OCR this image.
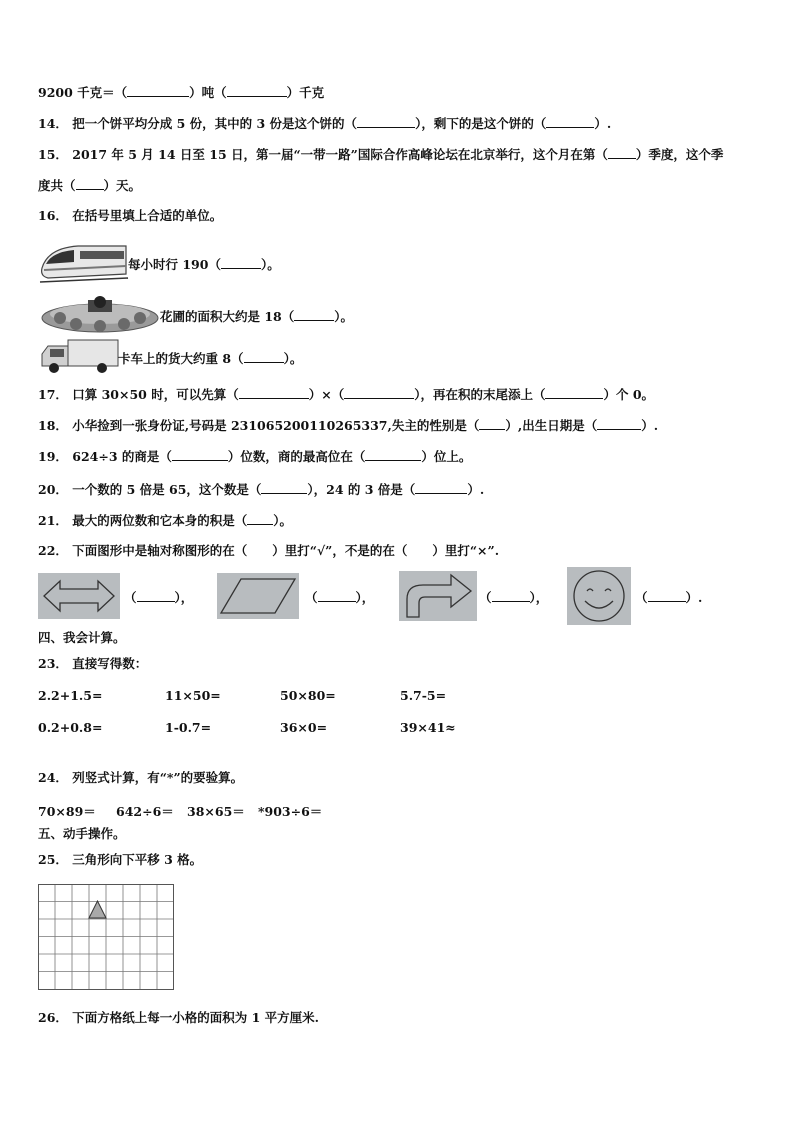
9200 千克＝（	）吨（	）千克
14． 把一个饼平均分成 5 份，其中的 3 份是这个饼的（	），剩下的是这个饼的（	）.
15． 2017 年 5 月 14 日至 15 日，第一届“一带一路”国际合作高峰论坛在北京举行，这个月在第（ ）季度，这个季
度共（ ）天。
16． 在括号里填上合适的单位。
每小时行 190（	）。
花圃的面积大约是 18（	）。
卡车上的货大约重 8（	）。
17． 口算 30×50 时，可以先算（	）×（	），再在积的末尾添上（	）个 0。
18． 小华捡到一张身份证,号码是 231065200110265337,失主的性别是（ ）,出生日期是（	）.
19． 624÷3 的商是（	）位数，商的最高位在（	）位上。
20． 一个数的 5 倍是 65，这个数是（	），24 的 3 倍是（	）.
21． 最大的两位数和它本身的积是（ ）。
22． 下面图形中是轴对称图形的在（　　）里打“√”，不是的在（　　）里打“×”.
（	），	（	），	（	），	（	）.
四、我会计算。
23． 直接写得数：
2.2+1.5=	11×50=	50×80=	5.7-5=
0.2+0.8=	1-0.7=	36×0=	39×41≈
24． 列竖式计算，有“*”的要验算。
70×89＝ 642÷6＝ 38×65＝ *903÷6＝
五、动手操作。
25． 三角形向下平移 3 格。
26． 下面方格纸上每一小格的面积为 1 平方厘米.
